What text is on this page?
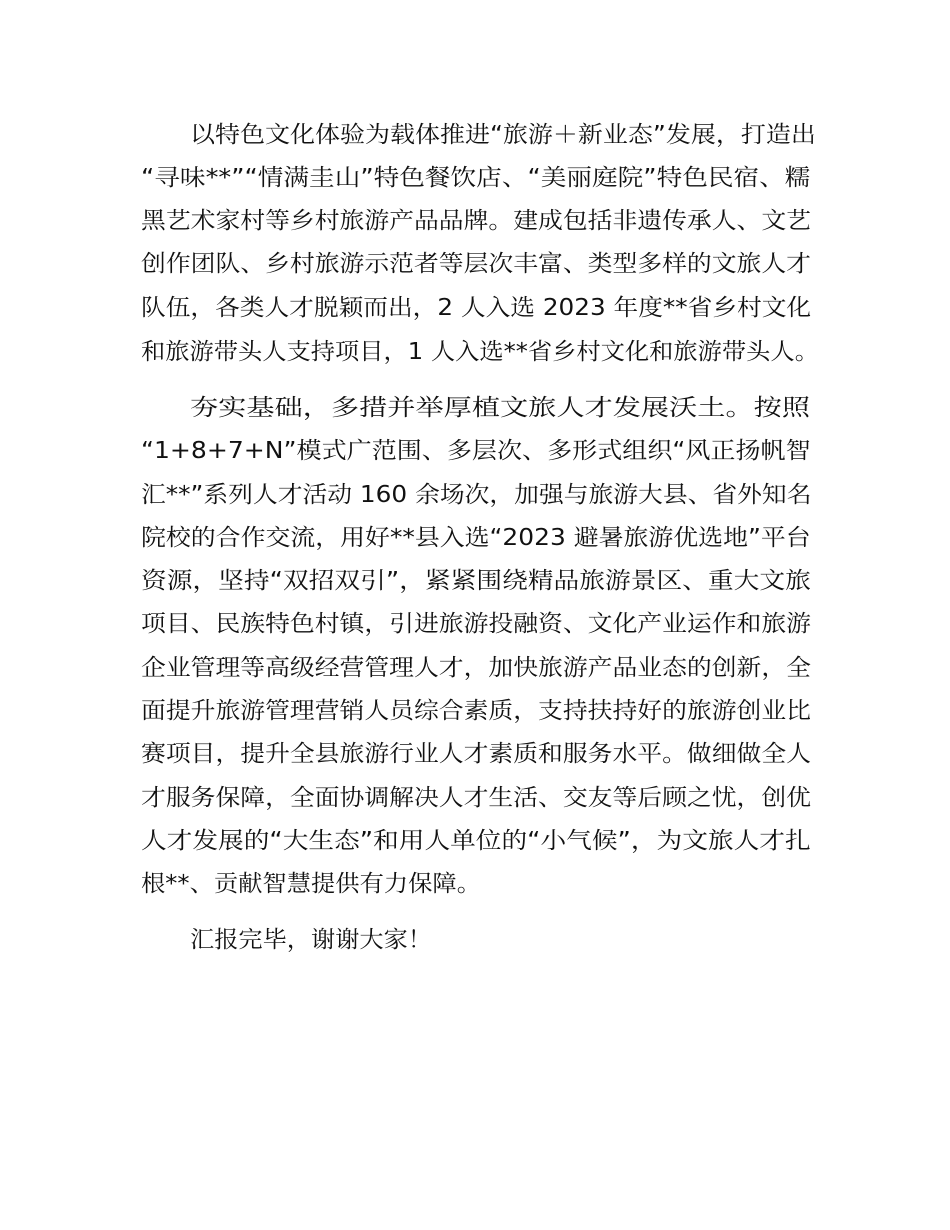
以特色文化体验为载体推进“旅游＋新业态”发展，打造出
“寻味**”“情满圭山”特色餐饮店、“美丽庭院”特色民宿、糯
黑艺术家村等乡村旅游产品品牌。建成包括非遗传承人、文艺
创作团队、乡村旅游示范者等层次丰富、类型多样的文旅人才
队伍，各类人才脱颖而出，2 人入选 2023 年度**省乡村文化
和旅游带头人支持项目，1 人入选**省乡村文化和旅游带头人。
夯实基础，多措并举厚植文旅人才发展沃土。按照
“1+8+7+N”模式广范围、多层次、多形式组织“风正扬帆智
汇**”系列人才活动 160 余场次，加强与旅游大县、省外知名
院校的合作交流，用好**县入选“2023 避暑旅游优选地”平台
资源，坚持“双招双引”，紧紧围绕精品旅游景区、重大文旅
项目、民族特色村镇，引进旅游投融资、文化产业运作和旅游
企业管理等高级经营管理人才，加快旅游产品业态的创新，全
面提升旅游管理营销人员综合素质，支持扶持好的旅游创业比
赛项目，提升全县旅游行业人才素质和服务水平。做细做全人
才服务保障，全面协调解决人才生活、交友等后顾之忧，创优
人才发展的“大生态”和用人单位的“小气候”，为文旅人才扎
根**、贡献智慧提供有力保障。
汇报完毕，谢谢大家！
